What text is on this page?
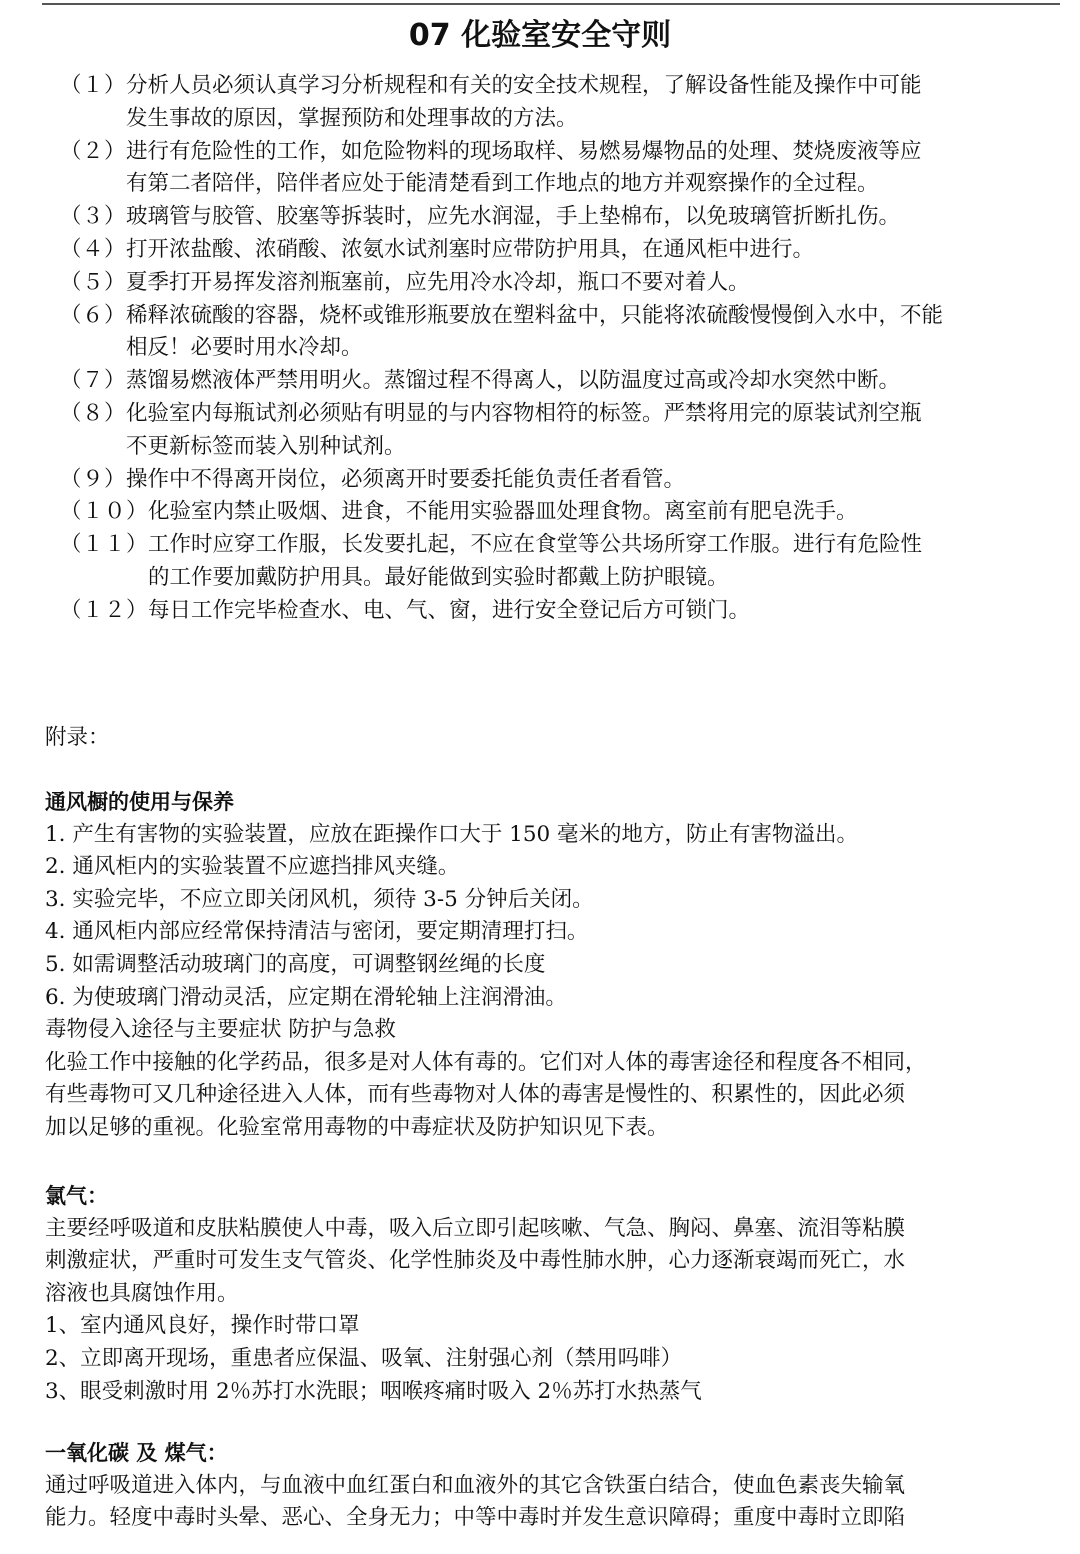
07 化验室安全守则
（１） 分析人员必须认真学习分析规程和有关的安全技术规程，了解设备性能及操作中可能
发生事故的原因，掌握预防和处理事故的方法。
（２） 进行有危险性的工作，如危险物料的现场取样、易燃易爆物品的处理、焚烧废液等应
有第二者陪伴，陪伴者应处于能清楚看到工作地点的地方并观察操作的全过程。
（３） 玻璃管与胶管、胶塞等拆装时，应先水润湿，手上垫棉布，以免玻璃管折断扎伤。
（４） 打开浓盐酸、浓硝酸、浓氨水试剂塞时应带防护用具，在通风柜中进行。
（５） 夏季打开易挥发溶剂瓶塞前，应先用冷水冷却，瓶口不要对着人。
（６） 稀释浓硫酸的容器，烧杯或锥形瓶要放在塑料盆中，只能将浓硫酸慢慢倒入水中，不能
相反！必要时用水冷却。
（７） 蒸馏易燃液体严禁用明火。蒸馏过程不得离人，以防温度过高或冷却水突然中断。
（８） 化验室内每瓶试剂必须贴有明显的与内容物相符的标签。严禁将用完的原装试剂空瓶
不更新标签而装入别种试剂。
（９） 操作中不得离开岗位，必须离开时要委托能负责任者看管。
（１０） 化验室内禁止吸烟、进食，不能用实验器皿处理食物。离室前有肥皂洗手。
（１１） 工作时应穿工作服，长发要扎起，不应在食堂等公共场所穿工作服。进行有危险性
的工作要加戴防护用具。最好能做到实验时都戴上防护眼镜。
（１２） 每日工作完毕检查水、电、气、窗，进行安全登记后方可锁门。
附录：
通风橱的使用与保养
1. 产生有害物的实验装置，应放在距操作口大于 150 毫米的地方，防止有害物溢出。
2. 通风柜内的实验装置不应遮挡排风夹缝。
3. 实验完毕，不应立即关闭风机，须待 3-5 分钟后关闭。
4. 通风柜内部应经常保持清洁与密闭，要定期清理打扫。
5. 如需调整活动玻璃门的高度，可调整钢丝绳的长度
6. 为使玻璃门滑动灵活，应定期在滑轮轴上注润滑油。
毒物侵入途径与主要症状 防护与急救
化验工作中接触的化学药品，很多是对人体有毒的。它们对人体的毒害途径和程度各不相同，
有些毒物可又几种途径进入人体，而有些毒物对人体的毒害是慢性的、积累性的，因此必须
加以足够的重视。化验室常用毒物的中毒症状及防护知识见下表。
氯气：
主要经呼吸道和皮肤粘膜使人中毒，吸入后立即引起咳嗽、气急、胸闷、鼻塞、流泪等粘膜
刺激症状，严重时可发生支气管炎、化学性肺炎及中毒性肺水肿，心力逐渐衰竭而死亡，水
溶液也具腐蚀作用。
1、室内通风良好，操作时带口罩
2、立即离开现场，重患者应保温、吸氧、注射强心剂（禁用吗啡）
3、眼受刺激时用 2％苏打水洗眼；咽喉疼痛时吸入 2％苏打水热蒸气
一氧化碳 及 煤气：
通过呼吸道进入体内，与血液中血红蛋白和血液外的其它含铁蛋白结合，使血色素丧失输氧
能力。轻度中毒时头晕、恶心、全身无力；中等中毒时并发生意识障碍；重度中毒时立即陷
